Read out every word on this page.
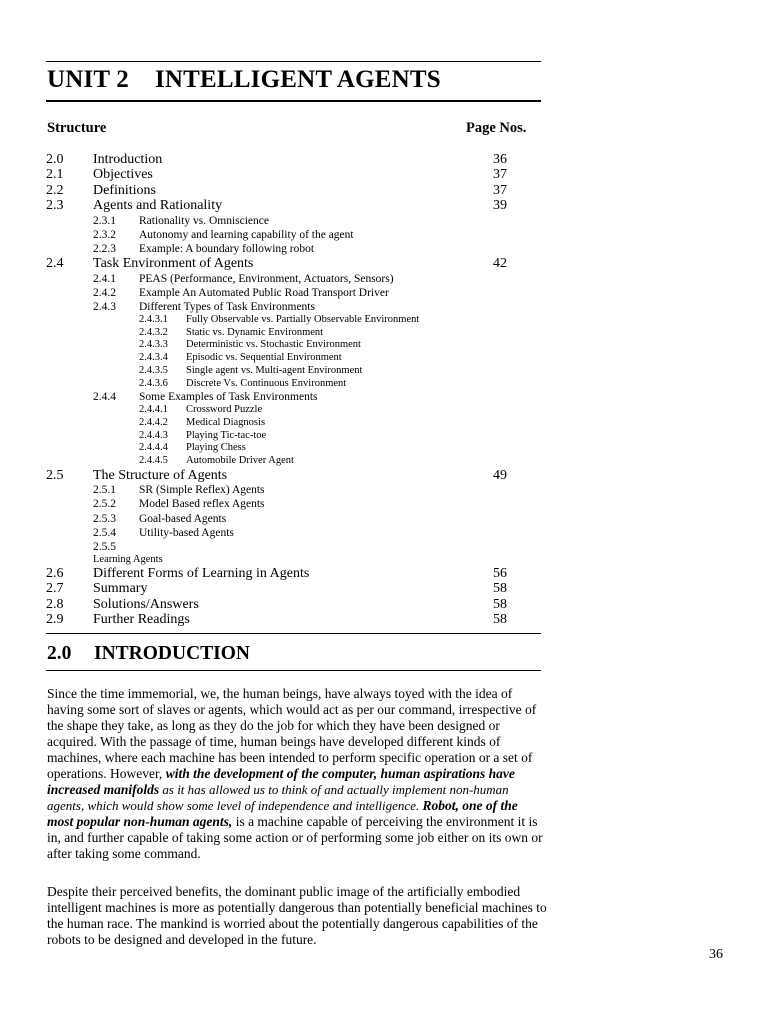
UNIT 2 INTELLIGENT AGENTS
Structure	Page Nos.
2.0 Introduction	36
2.1 Objectives	37
2.2 Definitions	37
2.3 Agents and Rationality	39
2.3.1 Rationality vs. Omniscience
2.3.2 Autonomy and learning capability of the agent
2.2.3 Example: A boundary following robot
2.4 Task Environment of Agents	42
2.4.1 PEAS (Performance, Environment, Actuators, Sensors)
2.4.2 Example An Automated Public Road Transport Driver
2.4.3 Different Types of Task Environments
2.4.3.1 Fully Observable vs. Partially Observable Environment
2.4.3.2 Static vs. Dynamic Environment
2.4.3.3 Deterministic vs. Stochastic Environment
2.4.3.4 Episodic vs. Sequential Environment
2.4.3.5 Single agent vs. Multi-agent Environment
2.4.3.6 Discrete Vs. Continuous Environment
2.4.4 Some Examples of Task Environments
2.4.4.1 Crossword Puzzle
2.4.4.2 Medical Diagnosis
2.4.4.3 Playing Tic-tac-toe
2.4.4.4 Playing Chess
2.4.4.5 Automobile Driver Agent
2.5 The Structure of Agents	49
2.5.1 SR (Simple Reflex) Agents
2.5.2 Model Based reflex Agents
2.5.3 Goal-based Agents
2.5.4 Utility-based Agents
2.5.5
Learning Agents
2.6 Different Forms of Learning in Agents	56
2.7 Summary	58
2.8 Solutions/Answers	58
2.9 Further Readings	58
2.0 INTRODUCTION

Since the time immemorial, we, the human beings, have always toyed with the idea of having some sort of slaves or agents, which would act as per our command, irrespective of the shape they take, as long as they do the job for which they have been designed or acquired. With the passage of time, human beings have developed different kinds of machines, where each machine has been intended to perform specific operation or a set of operations. However, with the development of the computer, human aspirations have increased manifolds as it has allowed us to think of and actually implement non-human agents, which would show some level of independence and intelligence. Robot, one of the most popular non-human agents, is a machine capable of perceiving the environment it is in, and further capable of taking some action or of performing some job either on its own or after taking some command.

Despite their perceived benefits, the dominant public image of the artificially embodied intelligent machines is more as potentially dangerous than potentially beneficial machines to the human race. The mankind is worried about the potentially dangerous capabilities of the robots to be designed and developed in the future.

36
